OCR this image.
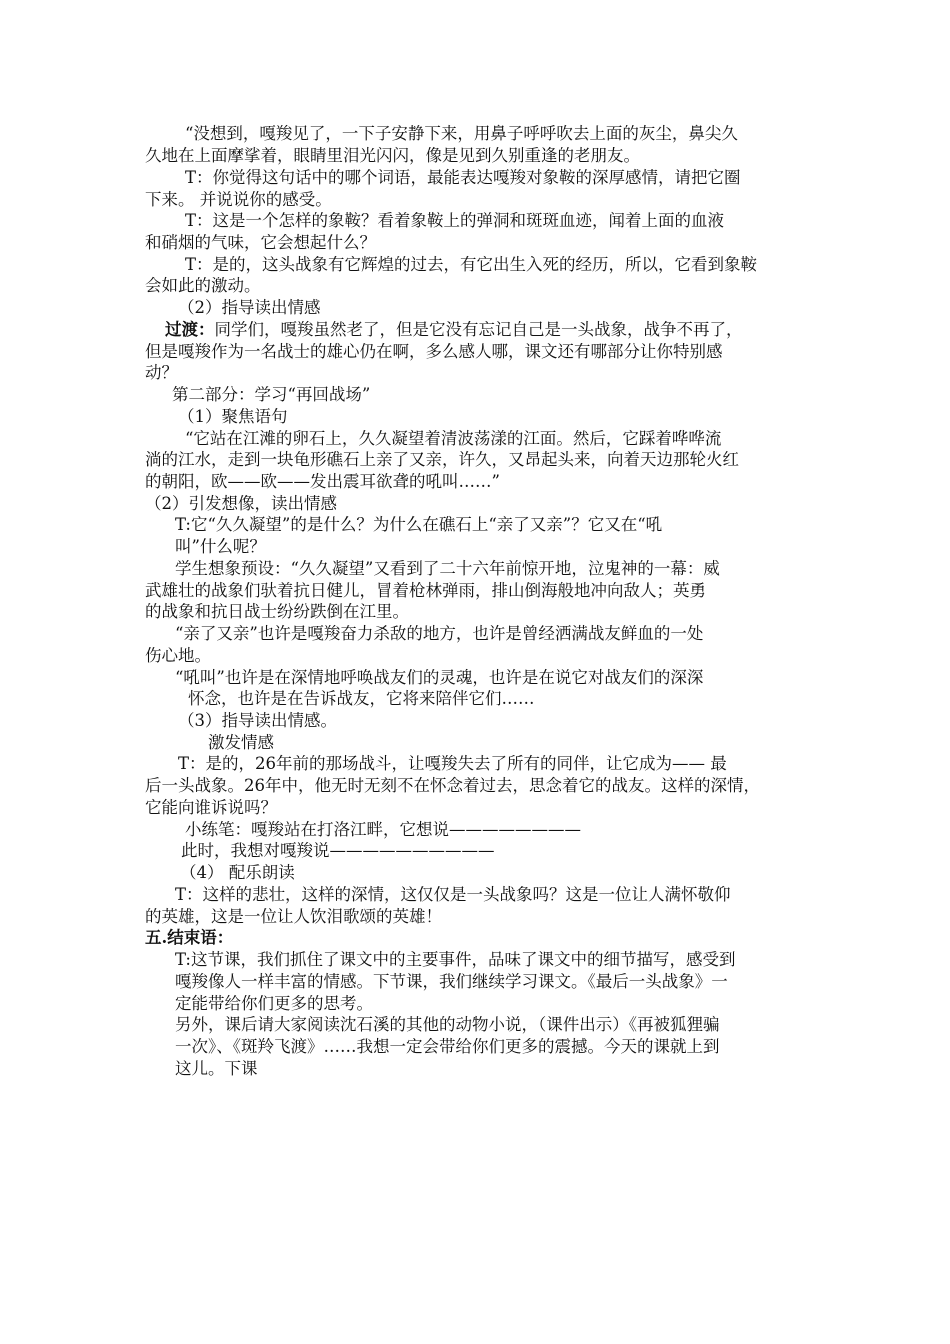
“没想到，嘎羧见了，一下子安静下来，用鼻子呼呼吹去上面的灰尘，鼻尖久
久地在上面摩挲着，眼睛里泪光闪闪，像是见到久别重逢的老朋友。
T：你觉得这句话中的哪个词语，最能表达嘎羧对象鞍的深厚感情，请把它圈
下来。 并说说你的感受。
T：这是一个怎样的象鞍？看着象鞍上的弹洞和斑斑血迹，闻着上面的血液
和硝烟的气味，它会想起什么？
T：是的，这头战象有它辉煌的过去，有它出生入死的经历，所以，它看到象鞍
会如此的激动。
（2）指导读出情感
过渡：同学们，嘎羧虽然老了，但是它没有忘记自己是一头战象，战争不再了，
但是嘎羧作为一名战士的雄心仍在啊，多么感人哪，课文还有哪部分让你特别感
动？
第二部分：学习“再回战场”
（1）聚焦语句
“它站在江滩的卵石上，久久凝望着清波荡漾的江面。然后，它踩着哗哗流
淌的江水，走到一块龟形礁石上亲了又亲，许久，又昂起头来，向着天边那轮火红
的朝阳，欧——欧——发出震耳欲聋的吼叫……”
（2）引发想像，读出情感
T:它“久久凝望”的是什么？为什么在礁石上“亲了又亲”？它又在“吼
叫”什么呢？
学生想象预设：“久久凝望”又看到了二十六年前惊开地，泣鬼神的一幕：威
武雄壮的战象们驮着抗日健儿，冒着枪林弹雨，排山倒海般地冲向敌人；英勇
的战象和抗日战士纷纷跌倒在江里。
“亲了又亲”也许是嘎羧奋力杀敌的地方，也许是曾经洒满战友鲜血的一处
伤心地。
“吼叫”也许是在深情地呼唤战友们的灵魂，也许是在说它对战友们的深深
怀念，也许是在告诉战友，它将来陪伴它们……
（3）指导读出情感。
激发情感
T：是的，26年前的那场战斗，让嘎羧失去了所有的同伴，让它成为—— 最
后一头战象。26年中，他无时无刻不在怀念着过去，思念着它的战友。这样的深情，
它能向谁诉说吗？
小练笔：嘎羧站在打洛江畔，它想说————————
此时，我想对嘎羧说——————————
（4） 配乐朗读
T：这样的悲壮，这样的深情，这仅仅是一头战象吗？这是一位让人满怀敬仰
的英雄，这是一位让人饮泪歌颂的英雄！
五.结束语：
T:这节课，我们抓住了课文中的主要事件，品味了课文中的细节描写，感受到
嘎羧像人一样丰富的情感。下节课，我们继续学习课文。《最后一头战象》一
定能带给你们更多的思考。
另外，课后请大家阅读沈石溪的其他的动物小说，（课件出示）《再被狐狸骗
一次》、《斑羚飞渡》……我想一定会带给你们更多的震撼。今天的课就上到
这儿。下课
